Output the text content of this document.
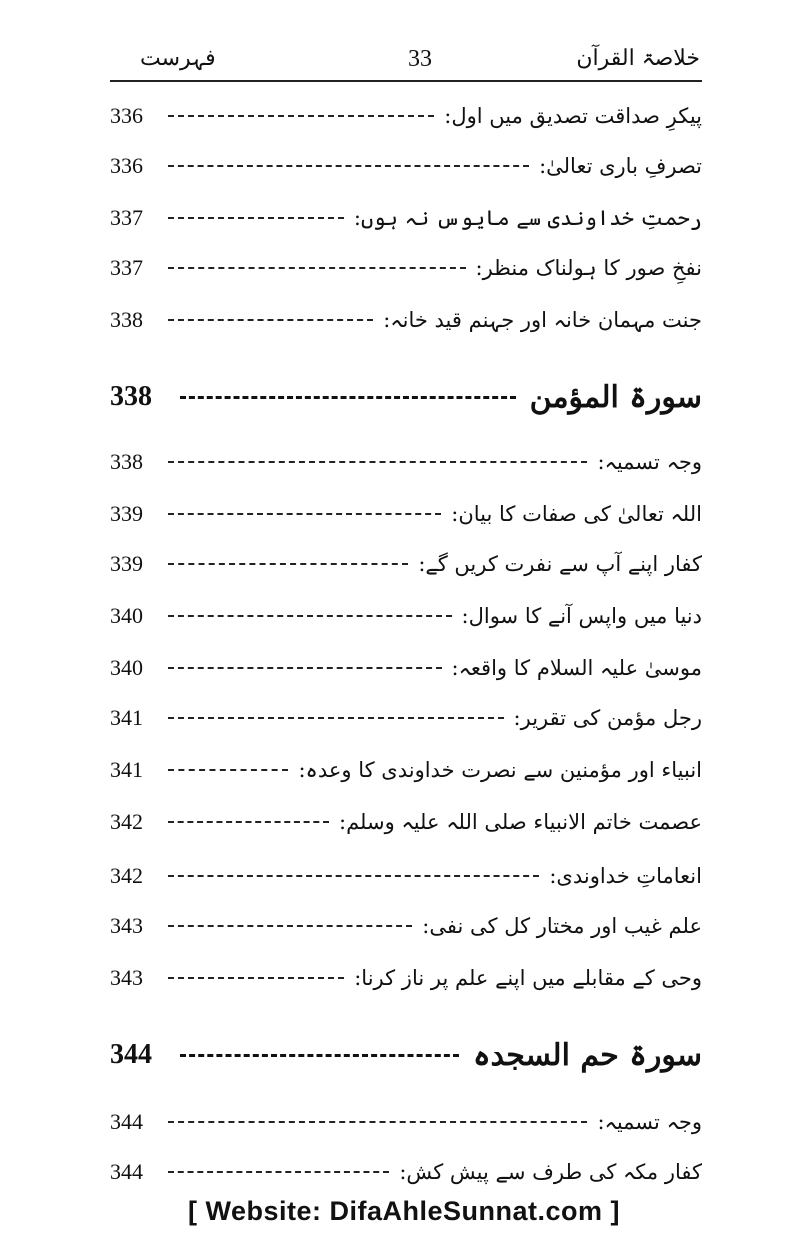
خلاصۃ القرآن
33
فہرست
336	پیکرِ صداقت تصدیق میں اول:
336	تصرفِ باری تعالیٰ:
337	رحمتِ خداوندی سے مایوس نہ ہوں:
337	نفخِ صور کا ہولناک منظر:
338	جنت مہمان خانہ اور جہنم قید خانہ:
338	سورۃ المؤمن
338	وجہ تسمیہ:
339	اللہ تعالیٰ کی صفات کا بیان:
339	کفار اپنے آپ سے نفرت کریں گے:
340	دنیا میں واپس آنے کا سوال:
340	موسیٰ علیہ السلام کا واقعہ:
341	رجل مؤمن کی تقریر:
341	انبیاء اور مؤمنین سے نصرت خداوندی کا وعدہ:
342	عصمت خاتم الانبیاء صلی اللہ علیہ وسلم:
342	انعاماتِ خداوندی:
343	علم غیب اور مختار کل کی نفی:
343	وحی کے مقابلے میں اپنے علم پر ناز کرنا:
344	سورۃ حم السجدہ
344	وجہ تسمیہ:
344	کفار مکہ کی طرف سے پیش کش:
[ Website: DifaAhleSunnat.com ]
